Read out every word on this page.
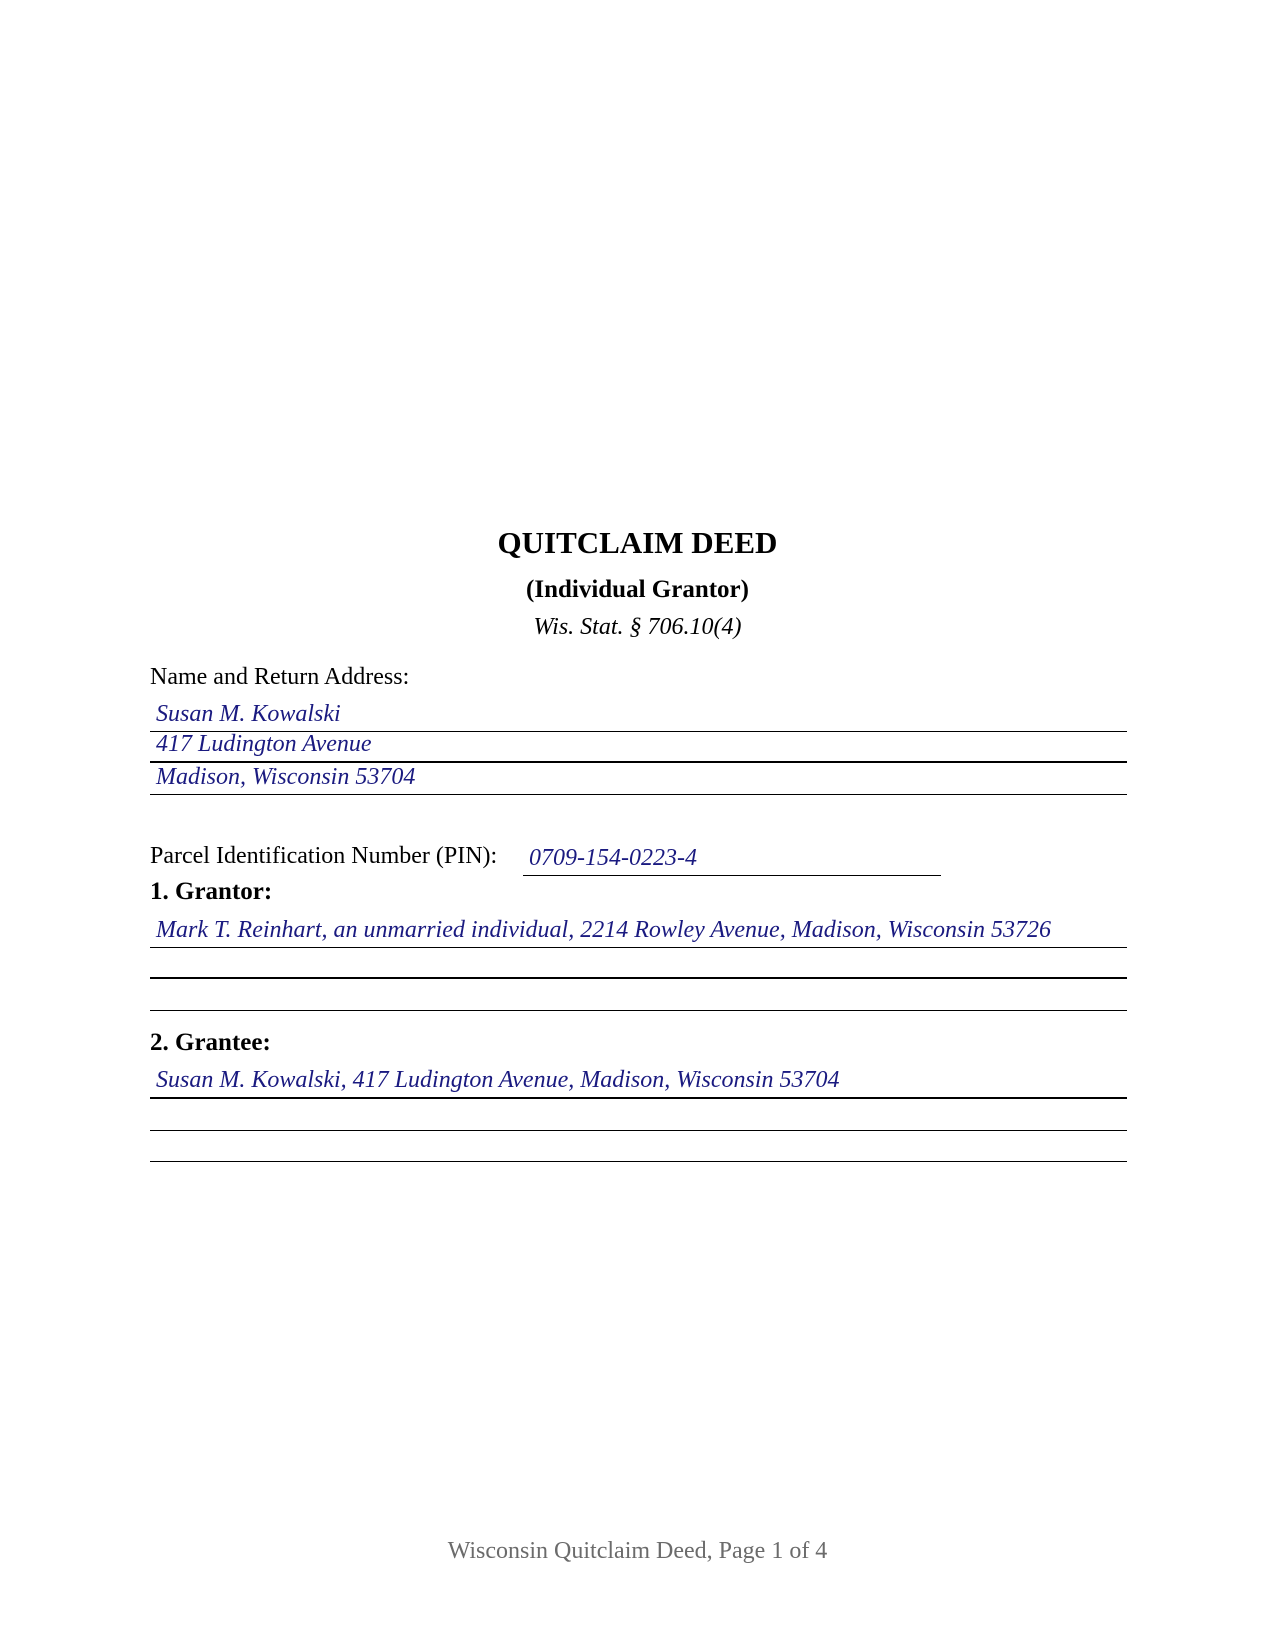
QUITCLAIM DEED
(Individual Grantor)
Wis. Stat. § 706.10(4)
Name and Return Address:
Susan M. Kowalski
417 Ludington Avenue
Madison, Wisconsin 53704
Parcel Identification Number (PIN): 0709-154-0223-4
1. Grantor:
Mark T. Reinhart, an unmarried individual, 2214 Rowley Avenue, Madison, Wisconsin 53726
2. Grantee:
Susan M. Kowalski, 417 Ludington Avenue, Madison, Wisconsin 53704
Wisconsin Quitclaim Deed, Page 1 of 4
